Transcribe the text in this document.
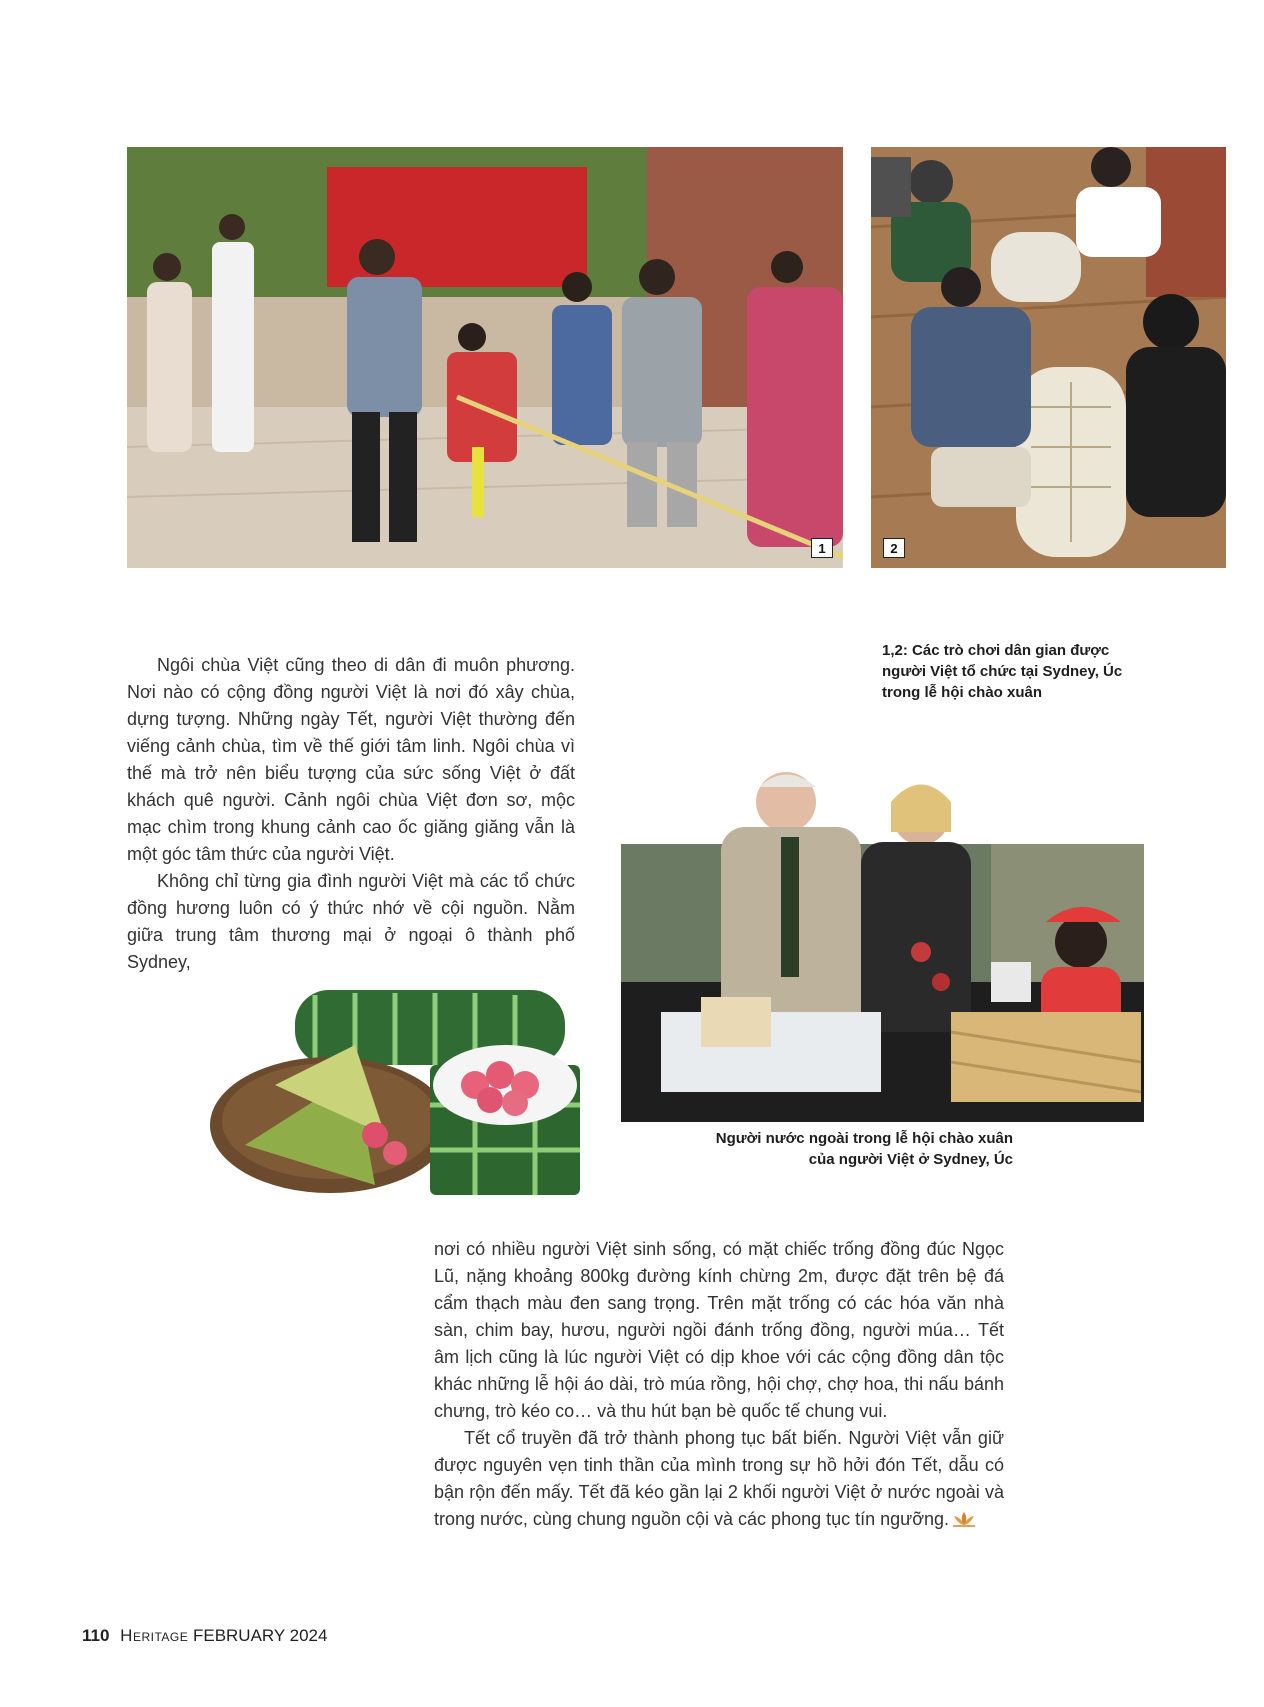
1	2
1,2: Các trò chơi dân gian được
người Việt tổ chức tại Sydney, Úc
trong lễ hội chào xuân

Ngôi chùa Việt cũng theo di dân đi muôn phương. Nơi nào có cộng đồng người Việt là nơi đó xây chùa, dựng tượng. Những ngày Tết, người Việt thường đến viếng cảnh chùa, tìm về thế giới tâm linh. Ngôi chùa vì thế mà trở nên biểu tượng của sức sống Việt ở đất khách quê người. Cảnh ngôi chùa Việt đơn sơ, mộc mạc chìm trong khung cảnh cao ốc giăng giăng vẫn là một góc tâm thức của người Việt.

Không chỉ từng gia đình người Việt mà các tổ chức đồng hương luôn có ý thức nhớ về cội nguồn. Nằm giữa trung tâm thương mại ở ngoại ô thành phố Sydney,

Người nước ngoài trong lễ hội chào xuân
của người Việt ở Sydney, Úc

nơi có nhiều người Việt sinh sống, có mặt chiếc trống đồng đúc Ngọc Lũ, nặng khoảng 800kg đường kính chừng 2m, được đặt trên bệ đá cẩm thạch màu đen sang trọng. Trên mặt trống có các hóa văn nhà sàn, chim bay, hươu, người ngồi đánh trống đồng, người múa… Tết âm lịch cũng là lúc người Việt có dịp khoe với các cộng đồng dân tộc khác những lễ hội áo dài, trò múa rồng, hội chợ, chợ hoa, thi nấu bánh chưng, trò kéo co… và thu hút bạn bè quốc tế chung vui.

Tết cổ truyền đã trở thành phong tục bất biến. Người Việt vẫn giữ được nguyên vẹn tinh thần của mình trong sự hồ hởi đón Tết, dẫu có bận rộn đến mấy. Tết đã kéo gần lại 2 khối người Việt ở nước ngoài và trong nước, cùng chung nguồn cội và các phong tục tín ngưỡng.

110 Heritage FEBRUARY 2024
